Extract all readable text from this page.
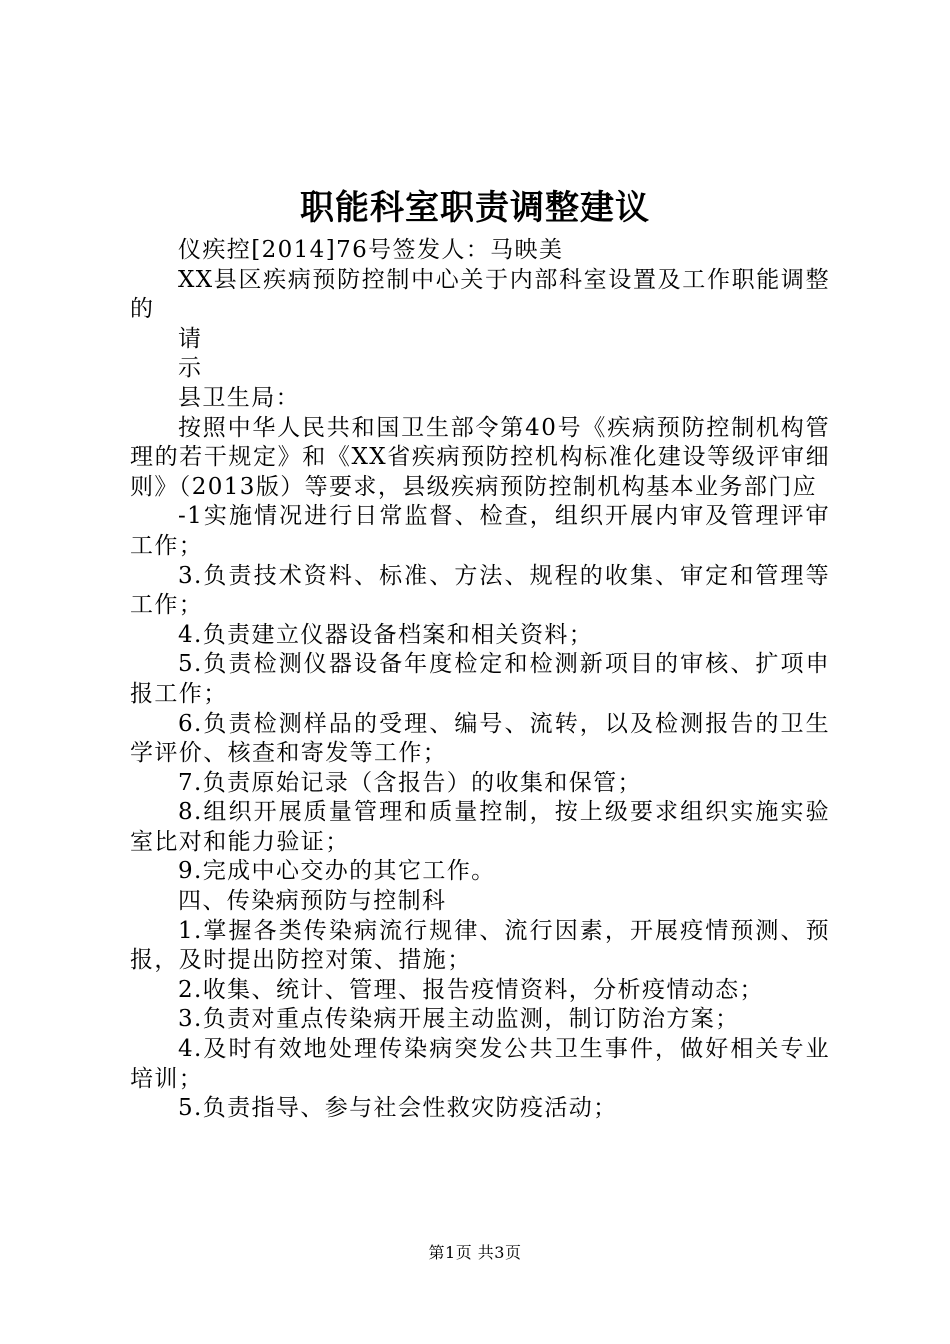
职能科室职责调整建议

仪疾控[2014]76号签发人：马映美

XX县区疾病预防控制中心关于内部科室设置及工作职能调整的

请

示

县卫生局：

按照中华人民共和国卫生部令第40号《疾病预防控制机构管理的若干规定》和《XX省疾病预防控机构标准化建设等级评审细则》（2013版）等要求，县级疾病预防控制机构基本业务部门应

-1实施情况进行日常监督、检查，组织开展内审及管理评审工作；

3.负责技术资料、标准、方法、规程的收集、审定和管理等工作；

4.负责建立仪器设备档案和相关资料；

5.负责检测仪器设备年度检定和检测新项目的审核、扩项申报工作；

6.负责检测样品的受理、编号、流转，以及检测报告的卫生学评价、核查和寄发等工作；

7.负责原始记录（含报告）的收集和保管；

8.组织开展质量管理和质量控制，按上级要求组织实施实验室比对和能力验证；

9.完成中心交办的其它工作。

四、传染病预防与控制科

1.掌握各类传染病流行规律、流行因素，开展疫情预测、预报，及时提出防控对策、措施；

2.收集、统计、管理、报告疫情资料，分析疫情动态；

3.负责对重点传染病开展主动监测，制订防治方案；

4.及时有效地处理传染病突发公共卫生事件，做好相关专业培训；

5.负责指导、参与社会性救灾防疫活动；

第1页 共3页
